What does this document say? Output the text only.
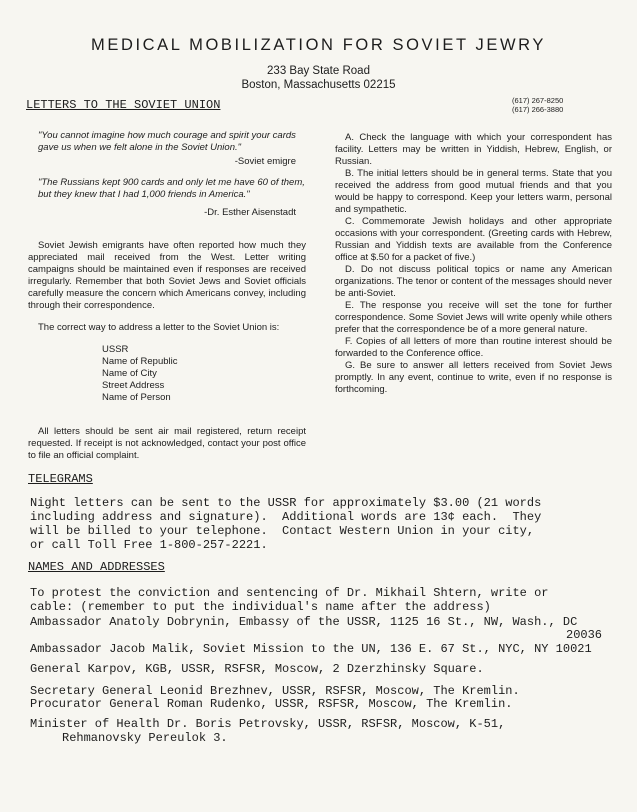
MEDICAL MOBILIZATION FOR SOVIET JEWRY
233 Bay State Road
Boston, Massachusetts 02215
(617) 267-8250
(617) 266-3880
LETTERS TO THE SOVIET UNION
"You cannot imagine how much courage and spirit your cards gave us when we felt alone in the Soviet Union."
-Soviet emigre
"The Russians kept 900 cards and only let me have 60 of them, but they knew that I had 1,000 friends in America."
-Dr. Esther Aisenstadt

Soviet Jewish emigrants have often reported how much they appreciated mail received from the West. Letter writing campaigns should be maintained even if responses are received irregularly. Remember that both Soviet Jews and Soviet officials carefully measure the concern which Americans convey, including through their correspondence.

The correct way to address a letter to the Soviet Union is:

USSR
Name of Republic
Name of City
Street Address
Name of Person

All letters should be sent air mail registered, return receipt requested. If receipt is not acknowledged, contact your post office to file an official complaint.

A. Check the language with which your correspondent has facility. Letters may be written in Yiddish, Hebrew, English, or Russian.

B. The initial letters should be in general terms. State that you received the address from good mutual friends and that you would be happy to correspond. Keep your letters warm, personal and sympathetic.

C. Commemorate Jewish holidays and other appropriate occasions with your correspondent. (Greeting cards with Hebrew, Russian and Yiddish texts are available from the Conference office at $.50 for a packet of five.)

D. Do not discuss political topics or name any American organizations. The tenor or content of the messages should never be anti-Soviet.

E. The response you receive will set the tone for further correspondence. Some Soviet Jews will write openly while others prefer that the correspondence be of a more general nature.

F. Copies of all letters of more than routine interest should be forwarded to the Conference office.

G. Be sure to answer all letters received from Soviet Jews promptly. In any event, continue to write, even if no response is forthcoming.

TELEGRAMS
Night letters can be sent to the USSR for approximately $3.00 (21 words
including address and signature).  Additional words are 13¢ each.  They
will be billed to your telephone.  Contact Western Union in your city,
or call Toll Free 1-800-257-2221.
NAMES AND ADDRESSES
To protest the conviction and sentencing of Dr. Mikhail Shtern, write or
cable: (remember to put the individual's name after the address)
Ambassador Anatoly Dobrynin, Embassy of the USSR, 1125 16 St., NW, Wash., DC
20036
Ambassador Jacob Malik, Soviet Mission to the UN, 136 E. 67 St., NYC, NY 10021
General Karpov, KGB, USSR, RSFSR, Moscow, 2 Dzerzhinsky Square.
Secretary General Leonid Brezhnev, USSR, RSFSR, Moscow, The Kremlin.
Procurator General Roman Rudenko, USSR, RSFSR, Moscow, The Kremlin.
Minister of Health Dr. Boris Petrovsky, USSR, RSFSR, Moscow, K-51,
Rehmanovsky Pereulok 3.
